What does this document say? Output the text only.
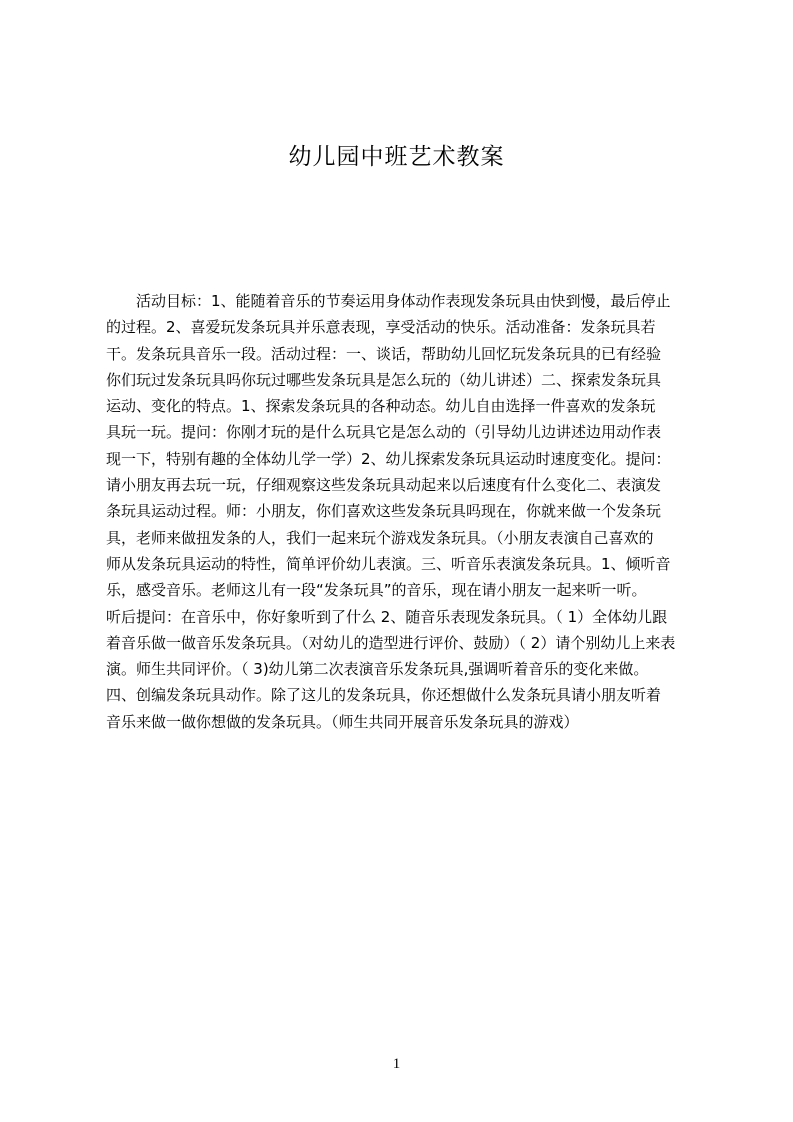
幼儿园中班艺术教案
活动目标：1、能随着音乐的节奏运用身体动作表现发条玩具由快到慢，最后停止
的过程。2、喜爱玩发条玩具并乐意表现，享受活动的快乐。活动准备：发条玩具若
干。发条玩具音乐一段。活动过程：一、谈话，帮助幼儿回忆玩发条玩具的已有经验
你们玩过发条玩具吗你玩过哪些发条玩具是怎么玩的（幼儿讲述）二、探索发条玩具
运动、变化的特点。1、探索发条玩具的各种动态。幼儿自由选择一件喜欢的发条玩
具玩一玩。提问：你刚才玩的是什么玩具它是怎么动的（引导幼儿边讲述边用动作表
现一下，特别有趣的全体幼儿学一学）2、幼儿探索发条玩具运动时速度变化。提问：
请小朋友再去玩一玩，仔细观察这些发条玩具动起来以后速度有什么变化二、表演发
条玩具运动过程。师：小朋友，你们喜欢这些发条玩具吗现在，你就来做一个发条玩
具，老师来做扭发条的人，我们一起来玩个游戏发条玩具。（小朋友表演自己喜欢的
师从发条玩具运动的特性，简单评价幼儿表演。三、听音乐表演发条玩具。1、倾听音
乐，感受音乐。老师这儿有一段“发条玩具”的音乐，现在请小朋友一起来听一听。
听后提问：在音乐中，你好象听到了什么 2、随音乐表现发条玩具。（ 1）全体幼儿跟
着音乐做一做音乐发条玩具。（对幼儿的造型进行评价、鼓励）（ 2）请个别幼儿上来表
演。师生共同评价。（ 3)幼儿第二次表演音乐发条玩具,强调听着音乐的变化来做。
四、创编发条玩具动作。除了这儿的发条玩具，你还想做什么发条玩具请小朋友听着
音乐来做一做你想做的发条玩具。（师生共同开展音乐发条玩具的游戏）
1
